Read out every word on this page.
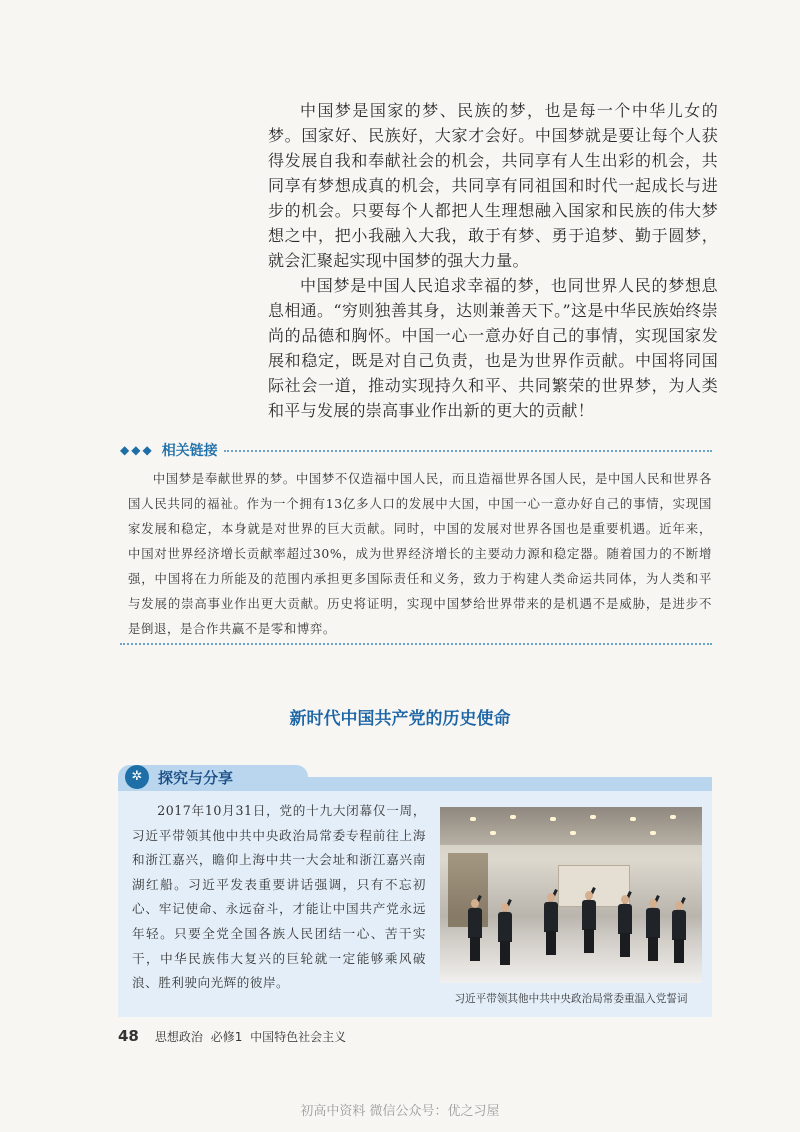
中国梦是国家的梦、民族的梦，也是每一个中华儿女的梦。国家好、民族好，大家才会好。中国梦就是要让每个人获得发展自我和奉献社会的机会，共同享有人生出彩的机会，共同享有梦想成真的机会，共同享有同祖国和时代一起成长与进步的机会。只要每个人都把人生理想融入国家和民族的伟大梦想之中，把小我融入大我，敢于有梦、勇于追梦、勤于圆梦，就会汇聚起实现中国梦的强大力量。

中国梦是中国人民追求幸福的梦，也同世界人民的梦想息息相通。“穷则独善其身，达则兼善天下。”这是中华民族始终崇尚的品德和胸怀。中国一心一意办好自己的事情，实现国家发展和稳定，既是对自己负责，也是为世界作贡献。中国将同国际社会一道，推动实现持久和平、共同繁荣的世界梦，为人类和平与发展的崇高事业作出新的更大的贡献！

◆◆◆ 相关链接

中国梦是奉献世界的梦。中国梦不仅造福中国人民，而且造福世界各国人民，是中国人民和世界各国人民共同的福祉。作为一个拥有13亿多人口的发展中大国，中国一心一意办好自己的事情，实现国家发展和稳定，本身就是对世界的巨大贡献。同时，中国的发展对世界各国也是重要机遇。近年来，中国对世界经济增长贡献率超过30%，成为世界经济增长的主要动力源和稳定器。随着国力的不断增强，中国将在力所能及的范围内承担更多国际责任和义务，致力于构建人类命运共同体，为人类和平与发展的崇高事业作出更大贡献。历史将证明，实现中国梦给世界带来的是机遇不是威胁，是进步不是倒退，是合作共赢不是零和博弈。

新时代中国共产党的历史使命
✲	探究与分享

2017年10月31日，党的十九大闭幕仅一周，习近平带领其他中共中央政治局常委专程前往上海和浙江嘉兴，瞻仰上海中共一大会址和浙江嘉兴南湖红船。习近平发表重要讲话强调，只有不忘初心、牢记使命、永远奋斗，才能让中国共产党永远年轻。只要全党全国各族人民团结一心、苦干实干，中华民族伟大复兴的巨轮就一定能够乘风破浪、胜利驶向光辉的彼岸。

习近平带领其他中共中央政治局常委重温入党誓词
48 思想政治 必修1 中国特色社会主义
初高中资料 微信公众号：优之习屋
